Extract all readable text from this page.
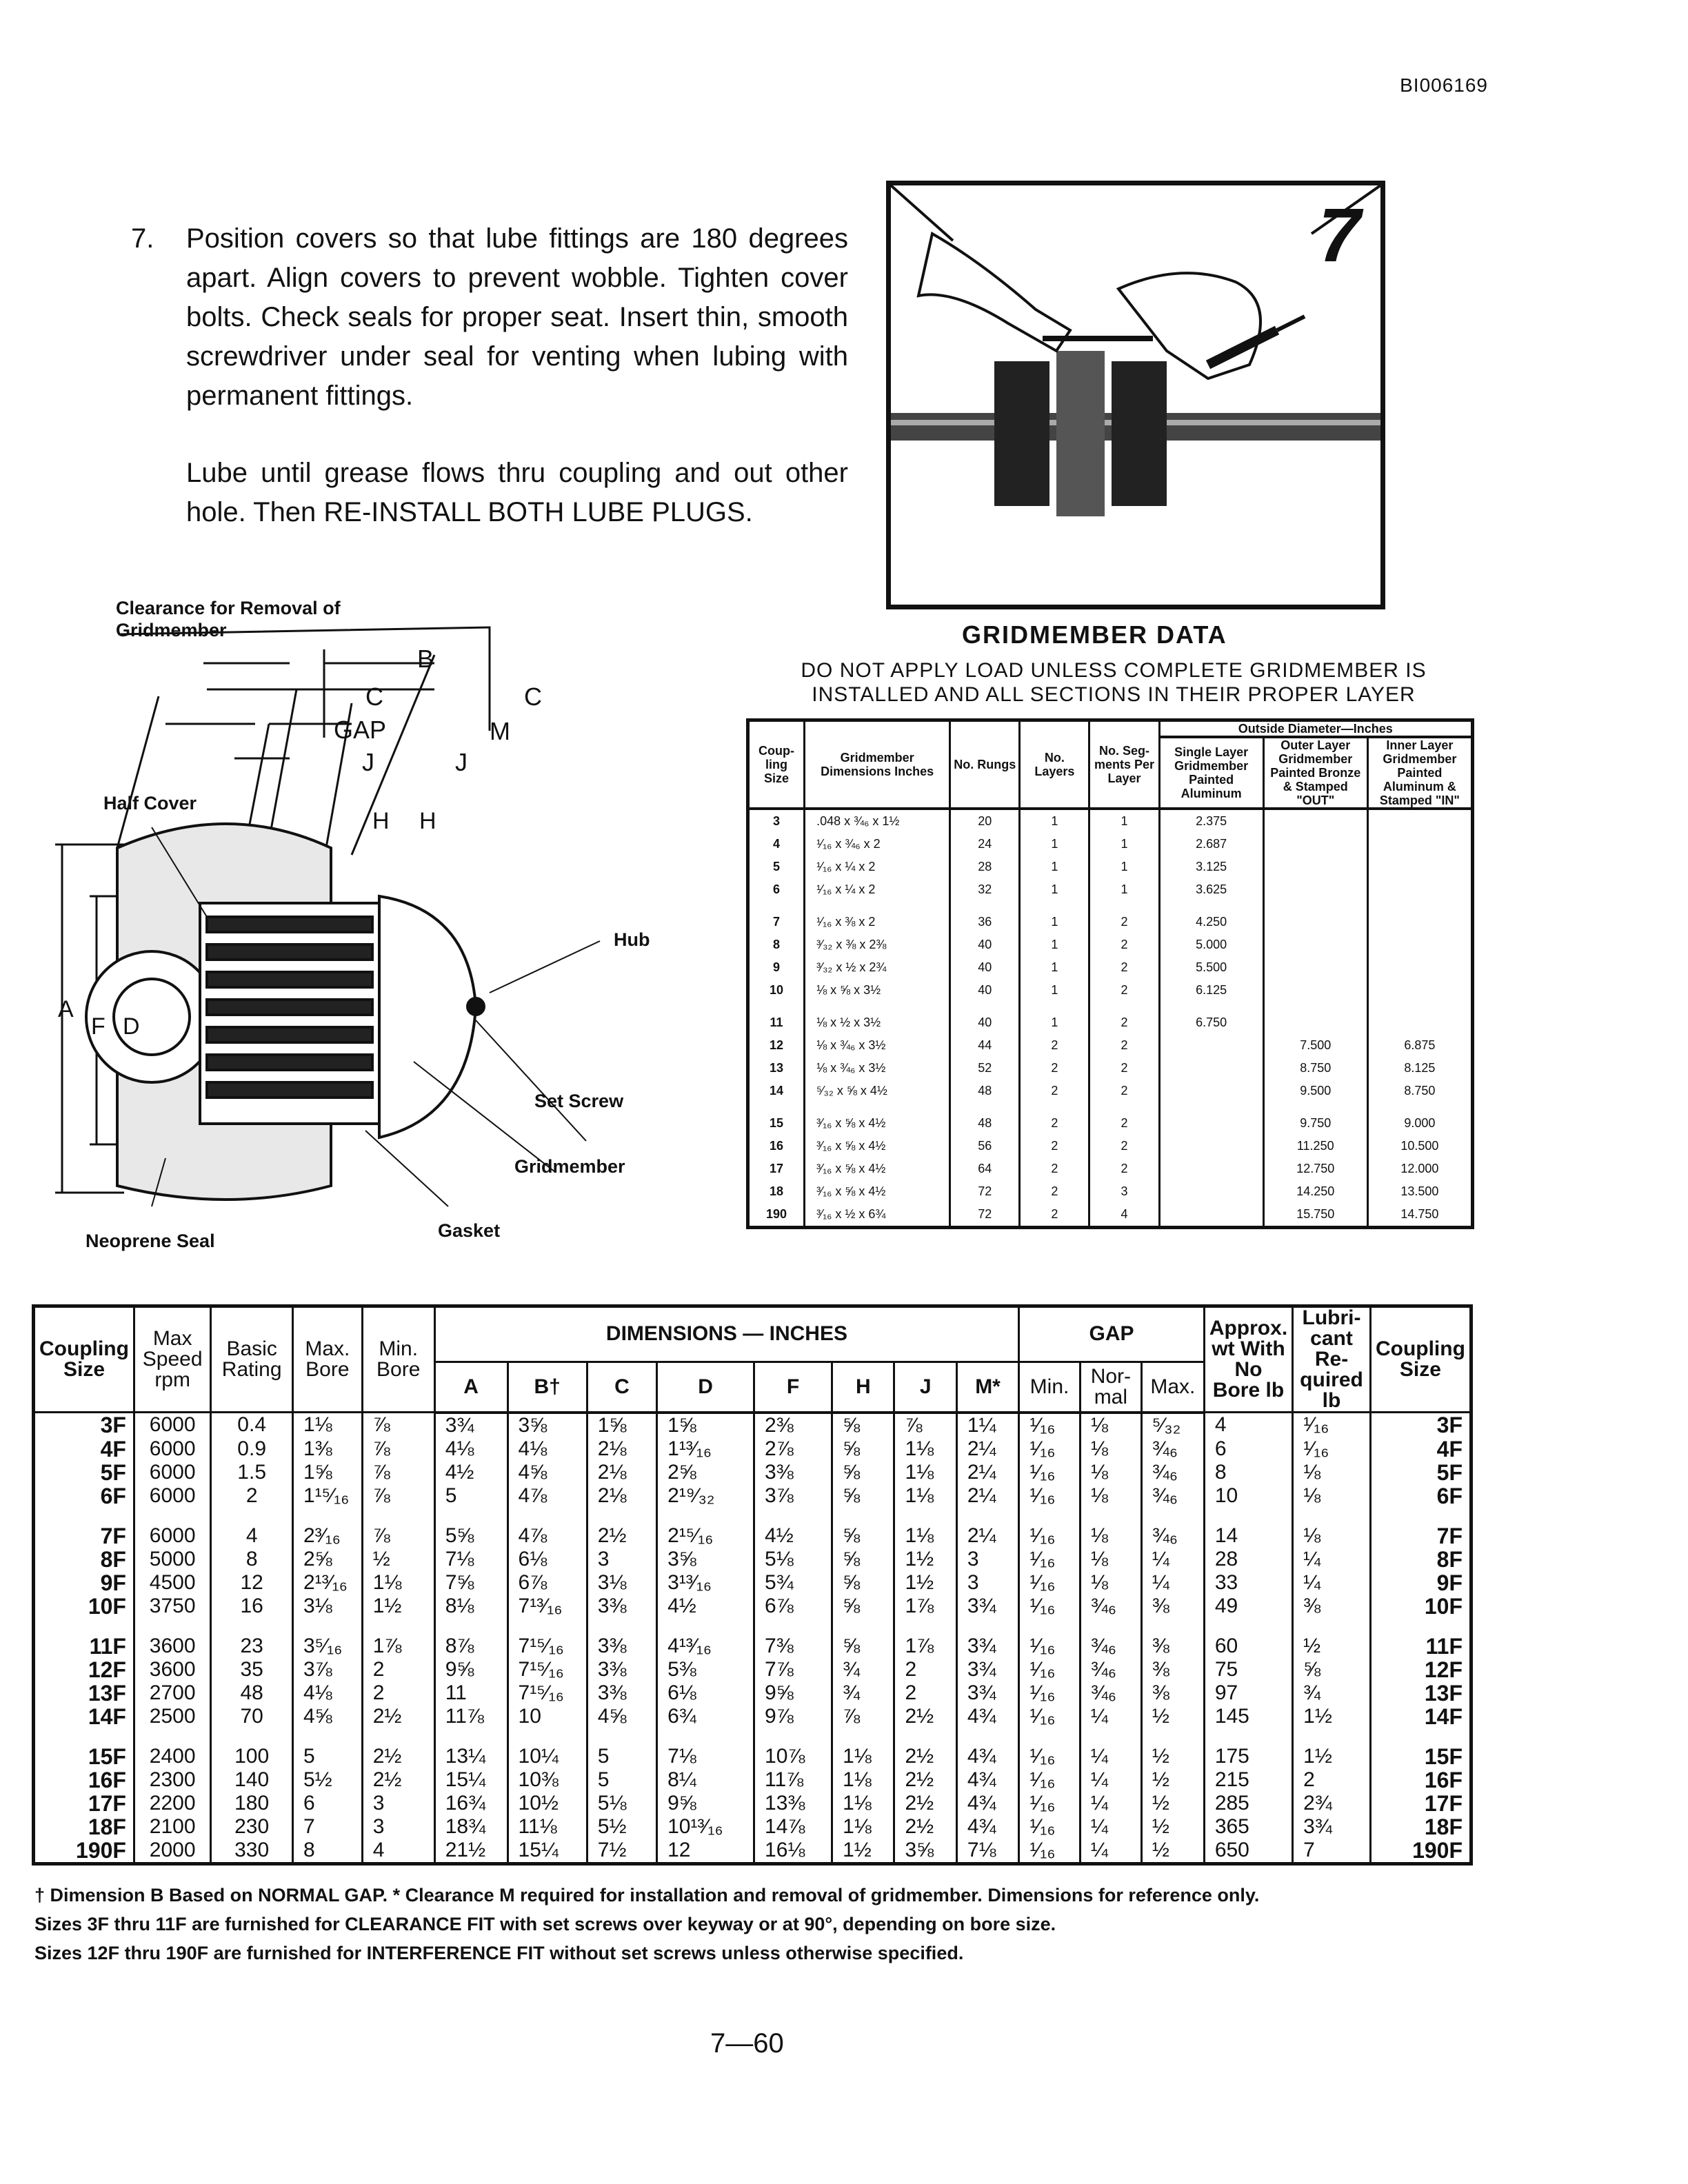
BI006169
7.	Position covers so that lube fittings are 180 degrees apart. Align covers to prevent wobble. Tighten cover bolts. Check seals for proper seat. Insert thin, smooth screwdriver under seal for venting when lubing with permanent fittings.

Lube until grease flows thru coupling and out other hole. Then RE-INSTALL BOTH LUBE PLUGS.

7
Clearance for Removal of Gridmember
B
C	C
GAP	M
J	J
H H
A
F D
Half Cover
Hub
Set Screw
Gridmember
Gasket
Neoprene Seal
GRIDMEMBER DATA
DO NOT APPLY LOAD UNLESS COMPLETE GRIDMEMBER IS INSTALLED AND ALL SECTIONS IN THEIR PROPER LAYER
Coup-ling Size	Gridmember Dimensions Inches	No. Rungs	No. Layers	No. Seg-ments Per Layer	Outside Diameter—Inches		
					Single Layer Gridmember Painted Aluminum	Outer Layer Gridmember Painted Bronze & Stamped "OUT"	Inner Layer Gridmember Painted Aluminum & Stamped "IN"
3	.048 x ¾₆ x 1½	20	1	1	2.375		
4	¹⁄₁₆ x ¾₆ x 2	24	1	1	2.687		
5	¹⁄₁₆ x ¼ x 2	28	1	1	3.125		
6	¹⁄₁₆ x ¼ x 2	32	1	1	3.625		
7	¹⁄₁₆ x ⅜ x 2	36	1	2	4.250		
8	³⁄₃₂ x ⅜ x 2⅜	40	1	2	5.000		
9	³⁄₃₂ x ½ x 2¾	40	1	2	5.500		
10	⅛ x ⅝ x 3½	40	1	2	6.125		
11	⅛ x ½ x 3½	40	1	2	6.750		
12	⅛ x ¾₆ x 3½	44	2	2		7.500	6.875
13	⅛ x ¾₆ x 3½	52	2	2		8.750	8.125
14	⁵⁄₃₂ x ⅝ x 4½	48	2	2		9.500	8.750
15	³⁄₁₆ x ⅝ x 4½	48	2	2		9.750	9.000
16	³⁄₁₆ x ⅝ x 4½	56	2	2		11.250	10.500
17	³⁄₁₆ x ⅝ x 4½	64	2	2		12.750	12.000
18	³⁄₁₆ x ⅝ x 4½	72	2	3		14.250	13.500
190	³⁄₁₆ x ½ x 6¾	72	2	4		15.750	14.750
Coupling Size	Max Speed rpm	Basic Rating	Max. Bore	Min. Bore	DIMENSIONS — INCHES								GAP			Approx. wt With No Bore lb	Lubri-cant Re-quired lb	Coupling Size
					A	B†	C	D	F	H	J	M*	Min.	Nor-mal	Max.			
3F	6000	0.4	1⅛	⅞	3¾	3⅝	1⅝	1⅝	2⅜	⅝	⅞	1¼	¹⁄₁₆	⅛	⁵⁄₃₂	4	¹⁄₁₆	3F
4F	6000	0.9	1⅜	⅞	4⅛	4⅛	2⅛	1¹³⁄₁₆	2⅞	⅝	1⅛	2¼	¹⁄₁₆	⅛	¾₆	6	¹⁄₁₆	4F
5F	6000	1.5	1⅝	⅞	4½	4⅝	2⅛	2⅝	3⅜	⅝	1⅛	2¼	¹⁄₁₆	⅛	¾₆	8	⅛	5F
6F	6000	2	1¹⁵⁄₁₆	⅞	5	4⅞	2⅛	2¹⁹⁄₃₂	3⅞	⅝	1⅛	2¼	¹⁄₁₆	⅛	¾₆	10	⅛	6F
7F	6000	4	2³⁄₁₆	⅞	5⅝	4⅞	2½	2¹⁵⁄₁₆	4½	⅝	1⅛	2¼	¹⁄₁₆	⅛	¾₆	14	⅛	7F
8F	5000	8	2⅝	½	7⅛	6⅛	3	3⅝	5⅛	⅝	1½	3	¹⁄₁₆	⅛	¼	28	¼	8F
9F	4500	12	2¹³⁄₁₆	1⅛	7⅝	6⅞	3⅛	3¹³⁄₁₆	5¾	⅝	1½	3	¹⁄₁₆	⅛	¼	33	¼	9F
10F	3750	16	3⅛	1½	8⅛	7¹³⁄₁₆	3⅜	4½	6⅞	⅝	1⅞	3¾	¹⁄₁₆	¾₆	⅜	49	⅜	10F
11F	3600	23	3⁵⁄₁₆	1⅞	8⅞	7¹⁵⁄₁₆	3⅜	4¹³⁄₁₆	7⅜	⅝	1⅞	3¾	¹⁄₁₆	¾₆	⅜	60	½	11F
12F	3600	35	3⅞	2	9⅝	7¹⁵⁄₁₆	3⅜	5⅜	7⅞	¾	2	3¾	¹⁄₁₆	¾₆	⅜	75	⅝	12F
13F	2700	48	4⅛	2	11	7¹⁵⁄₁₆	3⅜	6⅛	9⅝	¾	2	3¾	¹⁄₁₆	¾₆	⅜	97	¾	13F
14F	2500	70	4⅝	2½	11⅞	10	4⅝	6¾	9⅞	⅞	2½	4¾	¹⁄₁₆	¼	½	145	1½	14F
15F	2400	100	5	2½	13¼	10¼	5	7⅛	10⅞	1⅛	2½	4¾	¹⁄₁₆	¼	½	175	1½	15F
16F	2300	140	5½	2½	15¼	10⅜	5	8¼	11⅞	1⅛	2½	4¾	¹⁄₁₆	¼	½	215	2	16F
17F	2200	180	6	3	16¾	10½	5⅛	9⅝	13⅜	1⅛	2½	4¾	¹⁄₁₆	¼	½	285	2¾	17F
18F	2100	230	7	3	18¾	11⅛	5½	10¹³⁄₁₆	14⅞	1⅛	2½	4¾	¹⁄₁₆	¼	½	365	3¾	18F
190F	2000	330	8	4	21½	15¼	7½	12	16⅛	1½	3⅝	7⅛	¹⁄₁₆	¼	½	650	7	190F
† Dimension B Based on NORMAL GAP. * Clearance M required for installation and removal of gridmember. Dimensions for reference only.
Sizes 3F thru 11F are furnished for CLEARANCE FIT with set screws over keyway or at 90°, depending on bore size.
Sizes 12F thru 190F are furnished for INTERFERENCE FIT without set screws unless otherwise specified.
7—60
